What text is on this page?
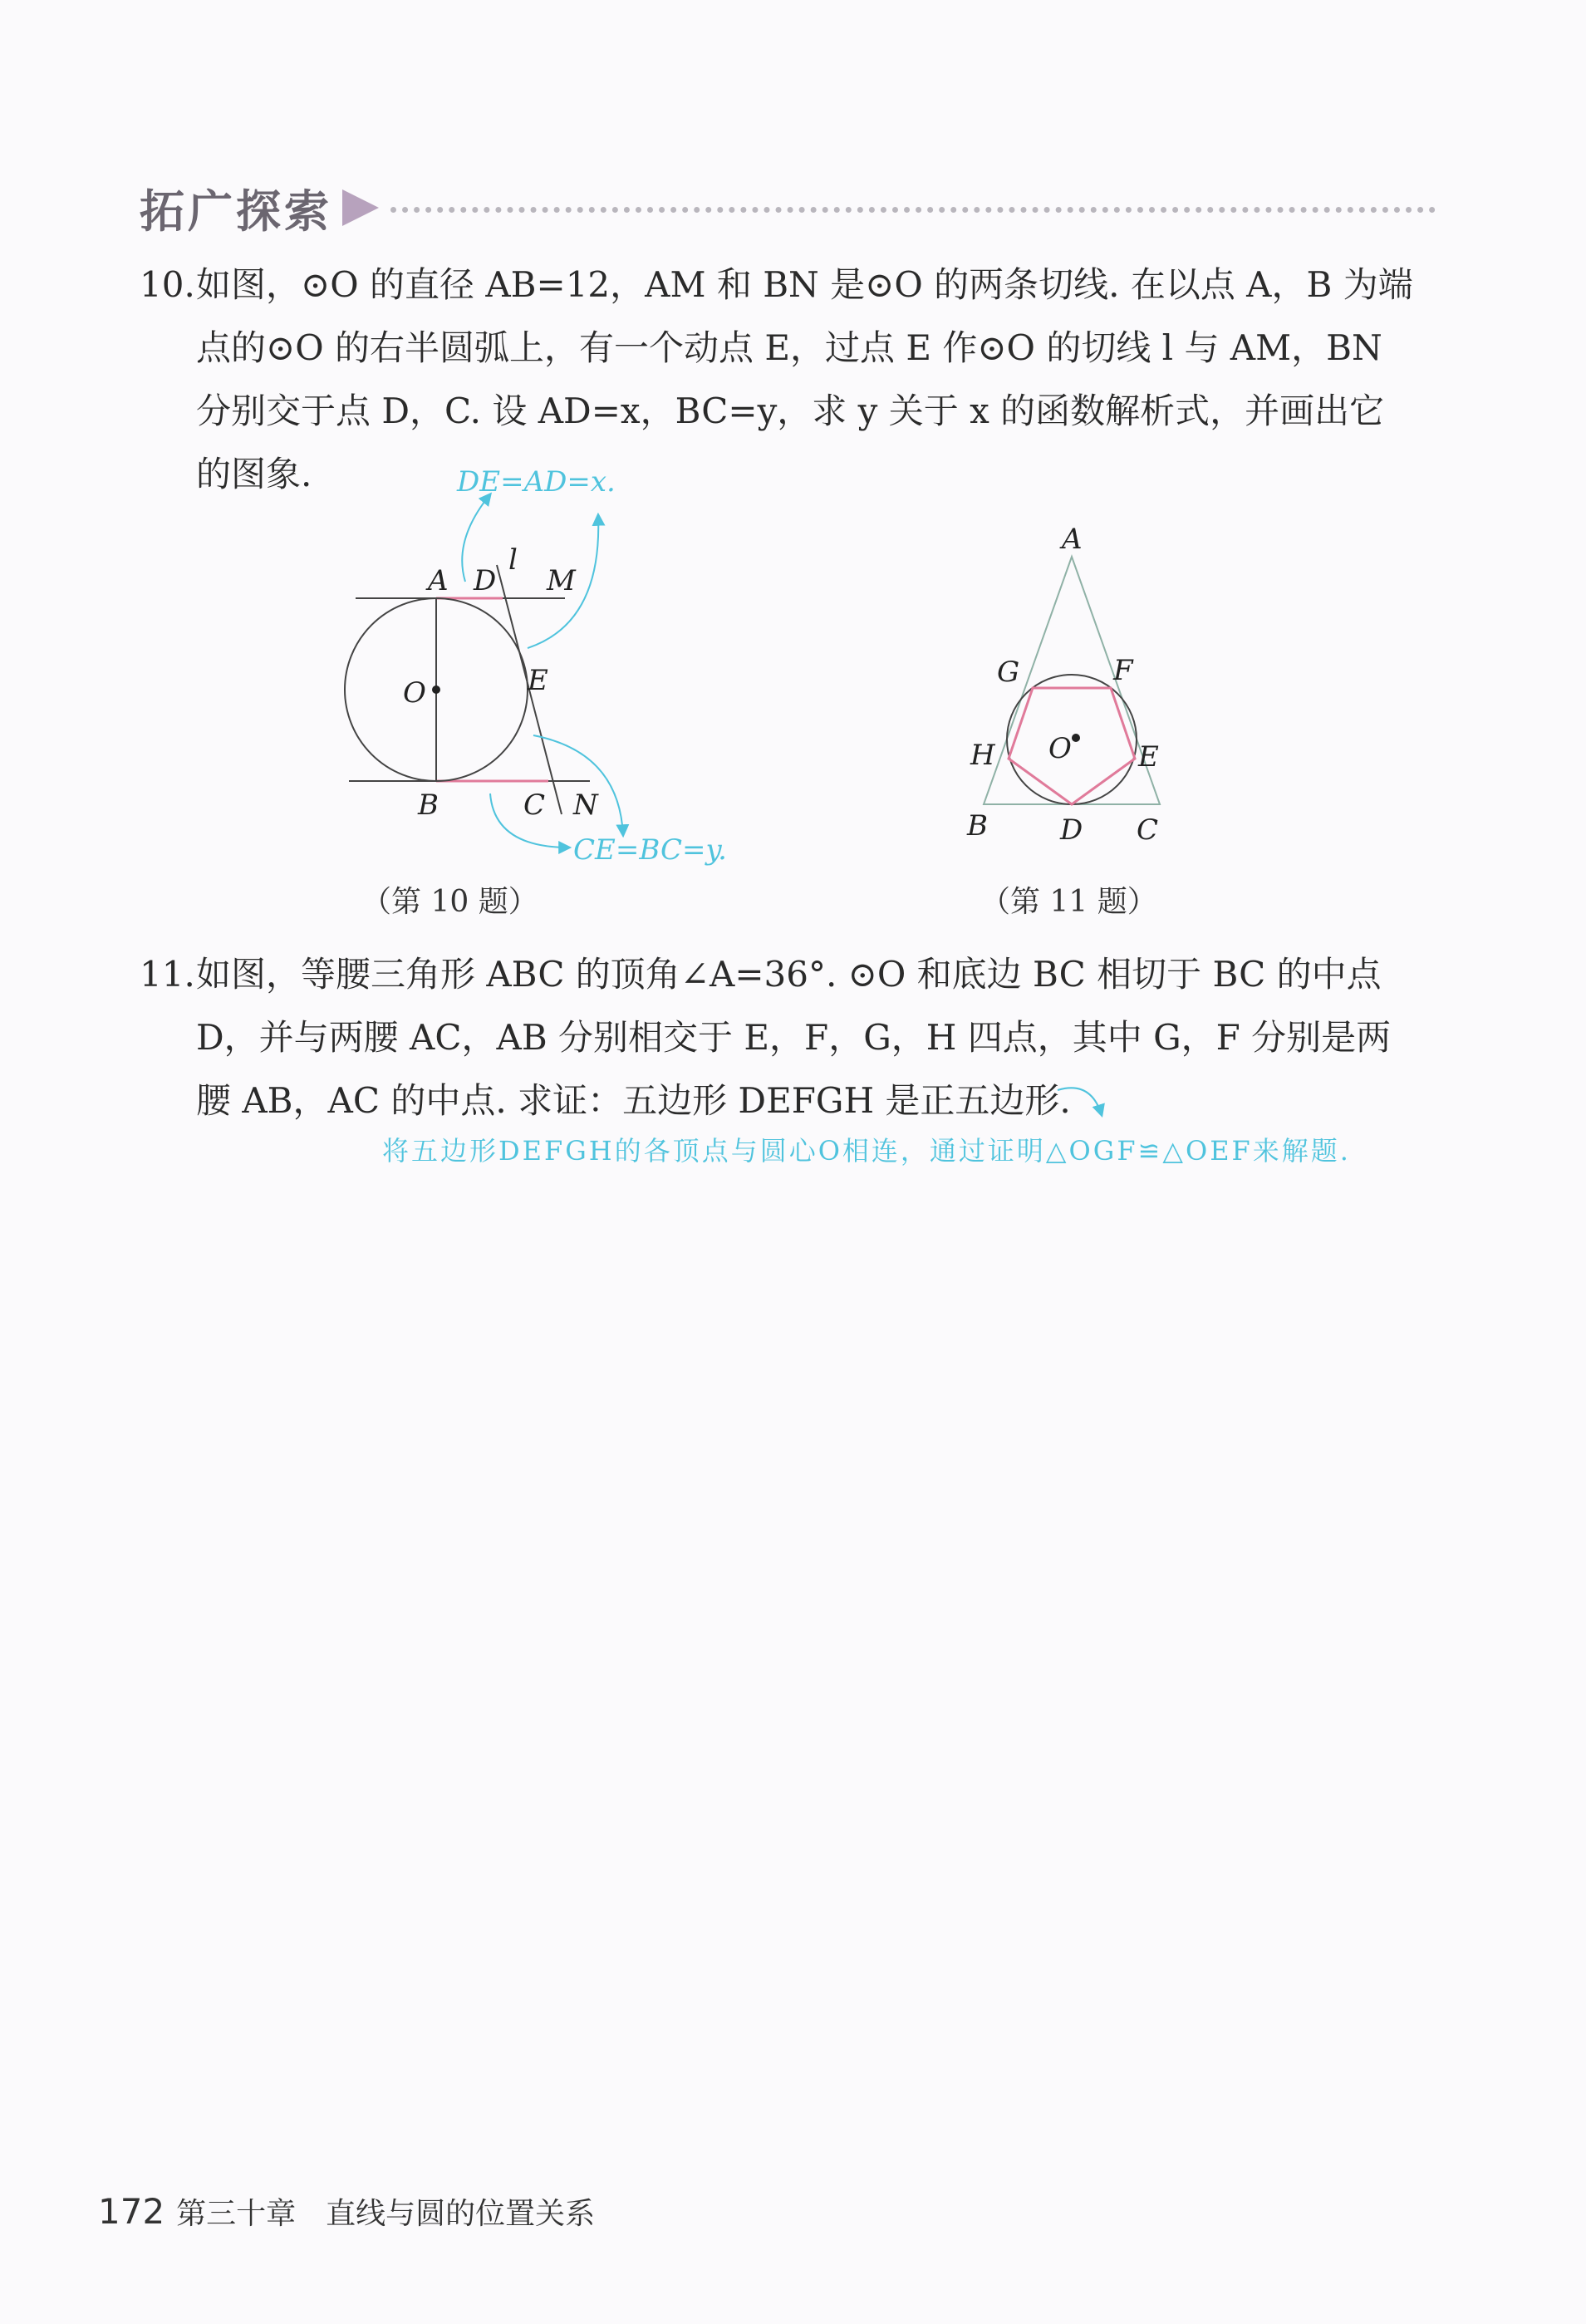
拓广探索

10.如图，⊙O 的直径 AB=12，AM 和 BN 是⊙O 的两条切线. 在以点 A，B 为端

点的⊙O 的右半圆弧上，有一个动点 E，过点 E 作⊙O 的切线 l 与 AM，BN

分别交于点 D，C. 设 AD=x，BC=y，求 y 关于 x 的函数解析式，并画出它

的图象.

A D
l
M
E
O
B	C N
DE=AD=x.
CE=BC=y.
（第 10 题）
A
G	F
H O E
B	D C
（第 11 题）

11.如图，等腰三角形 ABC 的顶角∠A=36°. ⊙O 和底边 BC 相切于 BC 的中点

D，并与两腰 AC，AB 分别相交于 E，F，G，H 四点，其中 G，F 分别是两

腰 AB，AC 的中点. 求证：五边形 DEFGH 是正五边形.

将五边形DEFGH的各顶点与圆心O相连，通过证明△OGF≌△OEF来解题.
172 第三十章　直线与圆的位置关系
